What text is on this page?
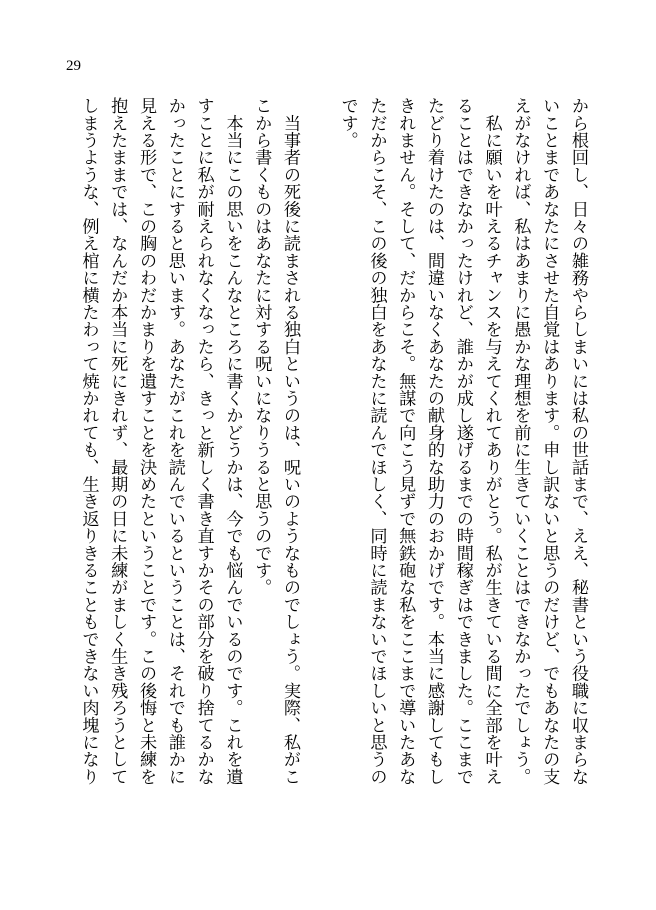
29
から根回し、日々の雑務やらしまいには私の世話まで、ええ、秘書という役職に収まらな
いことまであなたにさせた自覚はあります。申し訳ないと思うのだけど、でもあなたの支
えがなければ、私はあまりに愚かな理想を前に生きていくことはできなかったでしょう。
　私に願いを叶えるチャンスを与えてくれてありがとう。私が生きている間に全部を叶え
ることはできなかったけれど、誰かが成し遂げるまでの時間稼ぎはできました。ここまで
たどり着けたのは、間違いなくあなたの献身的な助力のおかげです。本当に感謝してもし
きれません。そして、だからこそ。無謀で向こう見ずで無鉄砲な私をここまで導いたあな
ただからこそ、この後の独白をあなたに読んでほしく、同時に読まないでほしいと思うの
です。
　当事者の死後に読まされる独白というのは、呪いのようなものでしょう。実際、私がこ
こから書くものはあなたに対する呪いになりうると思うのです。
　本当にこの思いをこんなところに書くかどうかは、今でも悩んでいるのです。これを遺
すことに私が耐えられなくなったら、きっと新しく書き直すかその部分を破り捨てるかな
かったことにすると思います。あなたがこれを読んでいるということは、それでも誰かに
見える形で、この胸のわだかまりを遺すことを決めたということです。この後悔と未練を
抱えたままでは、なんだか本当に死にきれず、最期の日に未練がましく生き残ろうとして
しまうような、例え棺に横たわって焼かれても、生き返りきることもできない肉塊になり
